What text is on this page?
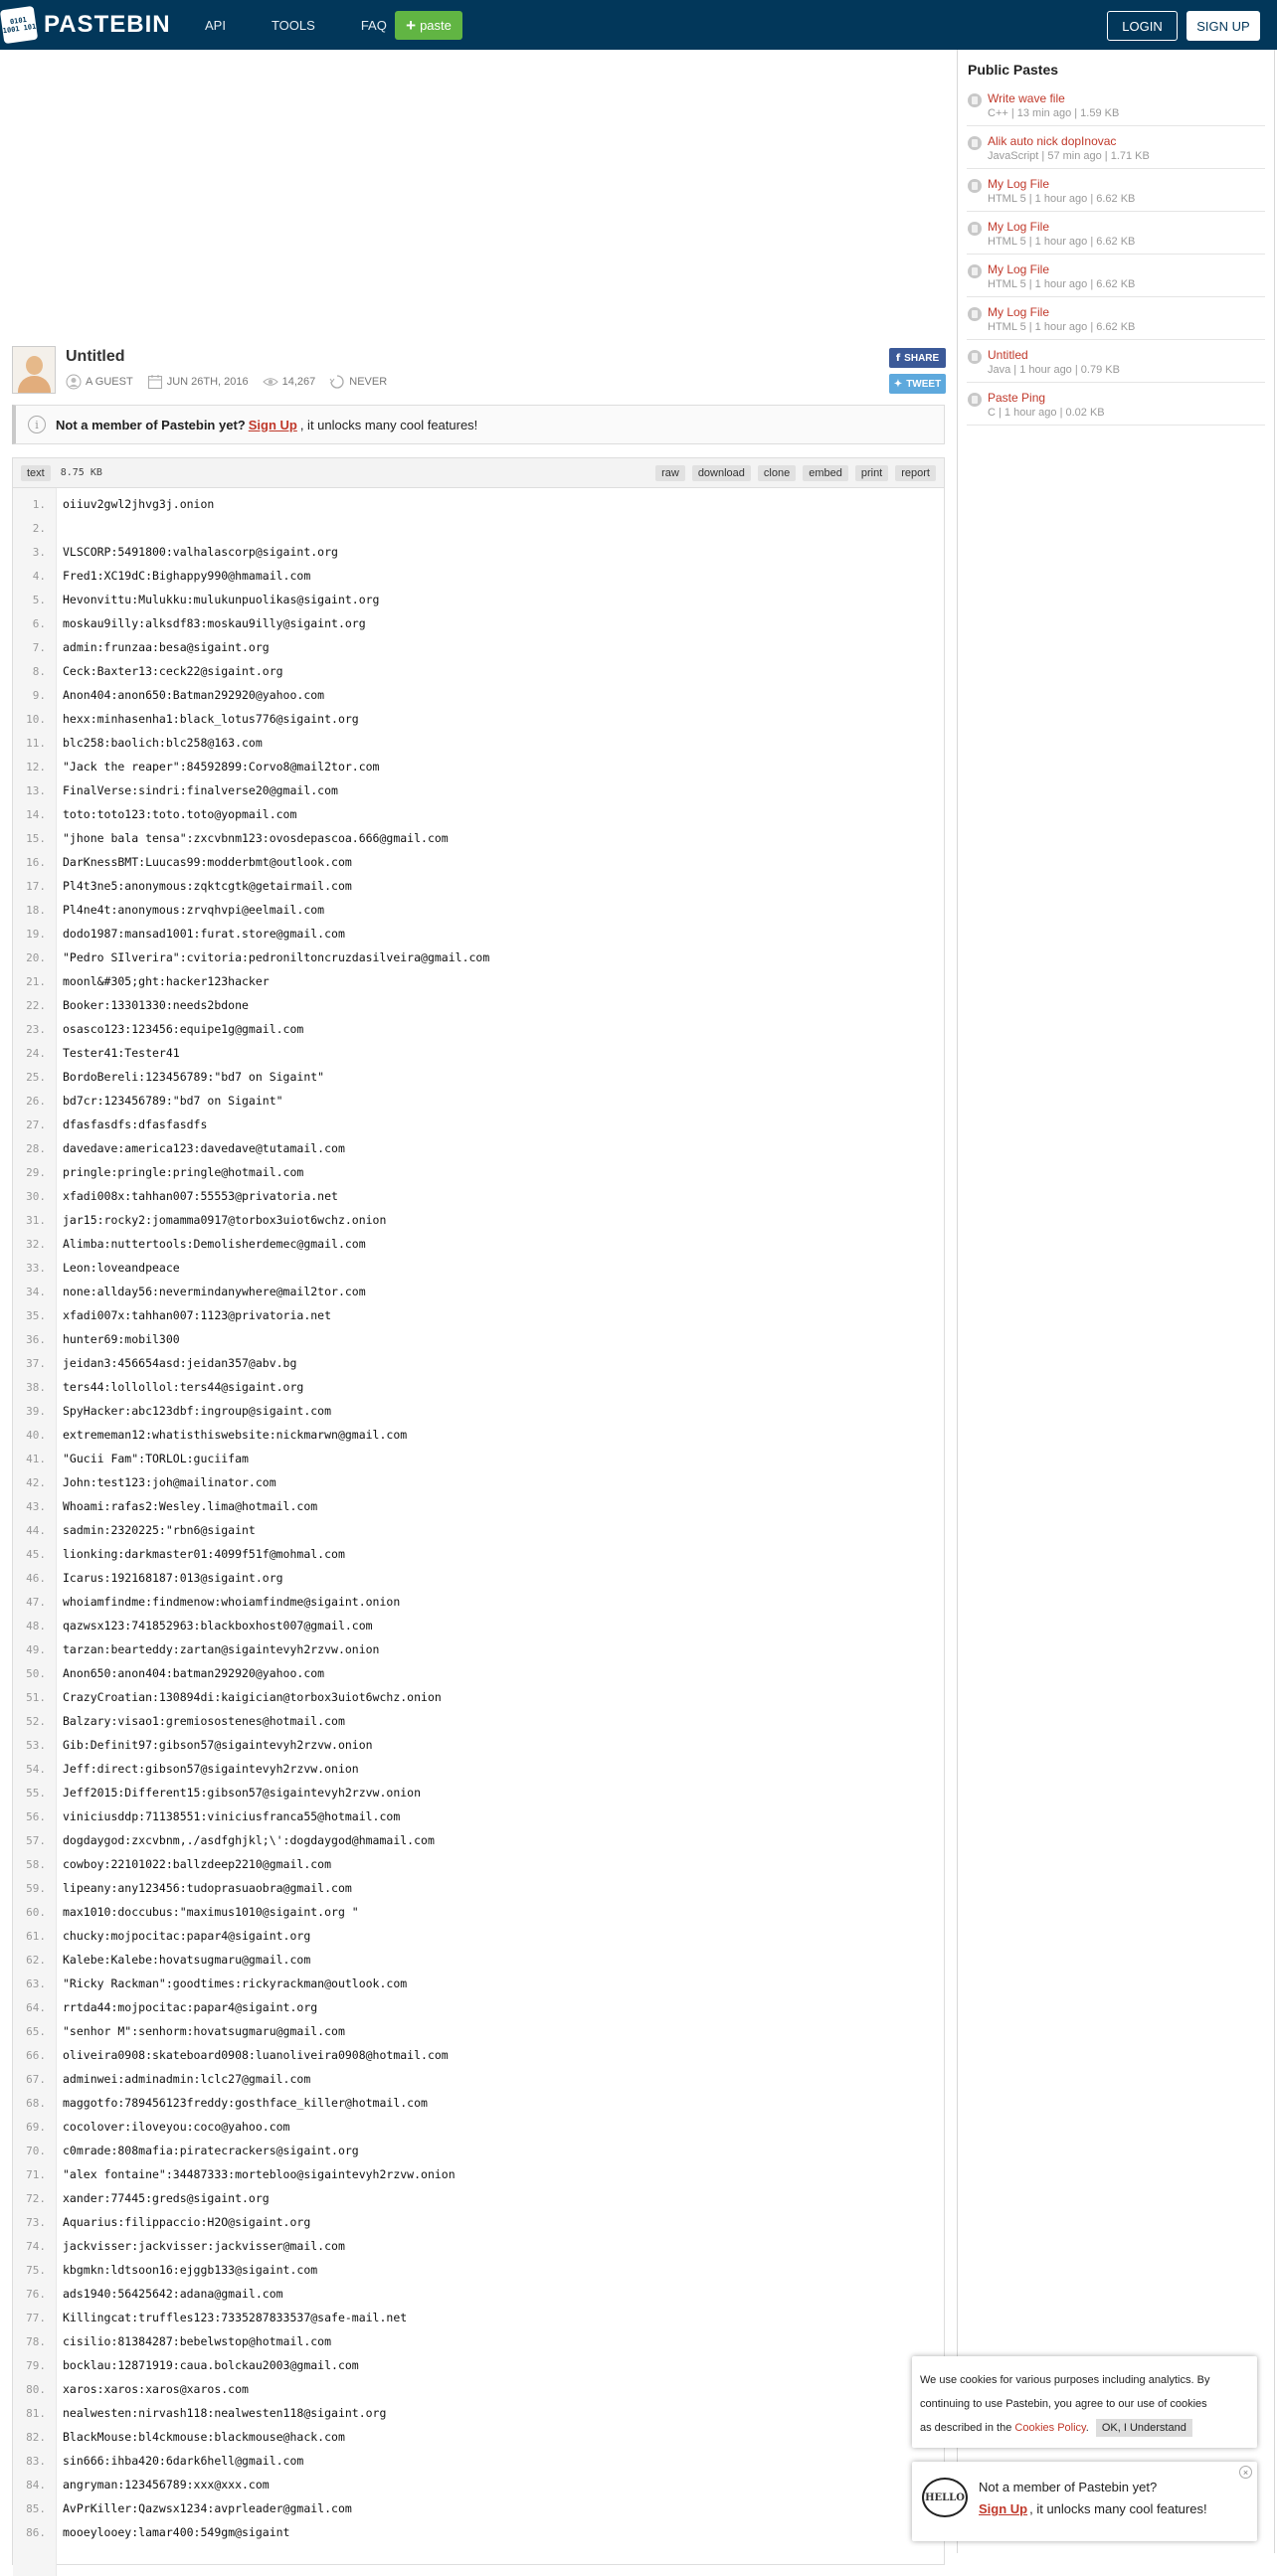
0101 1001 101 PASTEBIN	API	TOOLS	FAQ + paste	LOGIN	SIGN UP
Untitled
A GUEST	JUN 26TH, 2016	14,267	NEVER
f SHARE
✦ TWEET
i	Not a member of Pastebin yet? Sign Up , it unlocks many cool features!
text	8.75 KB	raw	download	clone	embed	print	report
1.	oiiuv2gwl2jhvg3j.onion
2.
3.	VLSCORP:5491800:valhalascorp@sigaint.org
4.	Fred1:XC19dC:Bighappy990@hmamail.com
5.	Hevonvittu:Mulukku:mulukunpuolikas@sigaint.org
6.	moskau9illy:alksdf83:moskau9illy@sigaint.org
7.	admin:frunzaa:besa@sigaint.org
8.	Ceck:Baxter13:ceck22@sigaint.org
9.	Anon404:anon650:Batman292920@yahoo.com
10.	hexx:minhasenha1:black_lotus776@sigaint.org
11.	blc258:baolich:blc258@163.com
12.	"Jack the reaper":84592899:Corvo8@mail2tor.com
13.	FinalVerse:sindri:finalverse20@gmail.com
14.	toto:toto123:toto.toto@yopmail.com
15.	"jhone bala tensa":zxcvbnm123:ovosdepascoa.666@gmail.com
16.	DarKnessBMT:Luucas99:modderbmt@outlook.com
17.	Pl4t3ne5:anonymous:zqktcgtk@getairmail.com
18.	Pl4ne4t:anonymous:zrvqhvpi@eelmail.com
19.	dodo1987:mansad1001:furat.store@gmail.com
20.	"Pedro SIlverira":cvitoria:pedroniltoncruzdasilveira@gmail.com
21.	moonl&#305;ght:hacker123hacker
22.	Booker:13301330:needs2bdone
23.	osasco123:123456:equipe1g@gmail.com
24.	Tester41:Tester41
25.	BordoBereli:123456789:"bd7 on Sigaint"
26.	bd7cr:123456789:"bd7 on Sigaint"
27.	dfasfasdfs:dfasfasdfs
28.	davedave:america123:davedave@tutamail.com
29.	pringle:pringle:pringle@hotmail.com
30.	xfadi008x:tahhan007:55553@privatoria.net
31.	jar15:rocky2:jomamma0917@torbox3uiot6wchz.onion
32.	Alimba:nuttertools:Demolisherdemec@gmail.com
33.	Leon:loveandpeace
34.	none:allday56:nevermindanywhere@mail2tor.com
35.	xfadi007x:tahhan007:1123@privatoria.net
36.	hunter69:mobil300
37.	jeidan3:456654asd:jeidan357@abv.bg
38.	ters44:lollollol:ters44@sigaint.org
39.	SpyHacker:abc123dbf:ingroup@sigaint.com
40.	extrememan12:whatisthiswebsite:nickmarwn@gmail.com
41.	"Gucii Fam":TORLOL:guciifam
42.	John:test123:joh@mailinator.com
43.	Whoami:rafas2:Wesley.lima@hotmail.com
44.	sadmin:2320225:"rbn6@sigaint
45.	lionking:darkmaster01:4099f51f@mohmal.com
46.	Icarus:192168187:013@sigaint.org
47.	whoiamfindme:findmenow:whoiamfindme@sigaint.onion
48.	qazwsx123:741852963:blackboxhost007@gmail.com
49.	tarzan:bearteddy:zartan@sigaintevyh2rzvw.onion
50.	Anon650:anon404:batman292920@yahoo.com
51.	CrazyCroatian:130894di:kaigician@torbox3uiot6wchz.onion
52.	Balzary:visao1:gremiosostenes@hotmail.com
53.	Gib:Definit97:gibson57@sigaintevyh2rzvw.onion
54.	Jeff:direct:gibson57@sigaintevyh2rzvw.onion
55.	Jeff2015:Different15:gibson57@sigaintevyh2rzvw.onion
56.	viniciusddp:71138551:viniciusfranca55@hotmail.com
57.	dogdaygod:zxcvbnm,./asdfghjkl;\':dogdaygod@hmamail.com
58.	cowboy:22101022:ballzdeep2210@gmail.com
59.	lipeany:any123456:tudoprasuaobra@gmail.com
60.	max1010:doccubus:"maximus1010@sigaint.org "
61.	chucky:mojpocitac:papar4@sigaint.org
62.	Kalebe:Kalebe:hovatsugmaru@gmail.com
63.	"Ricky Rackman":goodtimes:rickyrackman@outlook.com
64.	rrtda44:mojpocitac:papar4@sigaint.org
65.	"senhor M":senhorm:hovatsugmaru@gmail.com
66.	oliveira0908:skateboard0908:luanoliveira0908@hotmail.com
67.	adminwei:adminadmin:lclc27@gmail.com
68.	maggotfo:789456123freddy:gosthface_killer@hotmail.com
69.	cocolover:iloveyou:coco@yahoo.com
70.	c0mrade:808mafia:piratecrackers@sigaint.org
71.	"alex fontaine":34487333:mortebloo@sigaintevyh2rzvw.onion
72.	xander:77445:greds@sigaint.org
73.	Aquarius:filippaccio:H2O@sigaint.org
74.	jackvisser:jackvisser:jackvisser@mail.com
75.	kbgmkn:ldtsoon16:ejggb133@sigaint.com
76.	ads1940:56425642:adana@gmail.com
77.	Killingcat:truffles123:7335287833537@safe-mail.net
78.	cisilio:81384287:bebelwstop@hotmail.com
79.	bocklau:12871919:caua.bolckau2003@gmail.com
80.	xaros:xaros:xaros@xaros.com
81.	nealwesten:nirvash118:nealwesten118@sigaint.org
82.	BlackMouse:bl4ckmouse:blackmouse@hack.com
83.	sin666:ihba420:6dark6hell@gmail.com
84.	angryman:123456789:xxx@xxx.com
85.	AvPrKiller:Qazwsx1234:avprleader@gmail.com
86.	mooeylooey:lamar400:549gm@sigaint
Public Pastes
Write wave file
C++ | 13 min ago | 1.59 KB
Alik auto nick dopInovac
JavaScript | 57 min ago | 1.71 KB
My Log File
HTML 5 | 1 hour ago | 6.62 KB
My Log File
HTML 5 | 1 hour ago | 6.62 KB
My Log File
HTML 5 | 1 hour ago | 6.62 KB
My Log File
HTML 5 | 1 hour ago | 6.62 KB
Untitled
Java | 1 hour ago | 0.79 KB
Paste Ping
C | 1 hour ago | 0.02 KB
We use cookies for various purposes including analytics. By
continuing to use Pastebin, you agree to our use of cookies
as described in the Cookies Policy. OK, I Understand
HELLO
Not a member of Pastebin yet?
Sign Up , it unlocks many cool features!
×
